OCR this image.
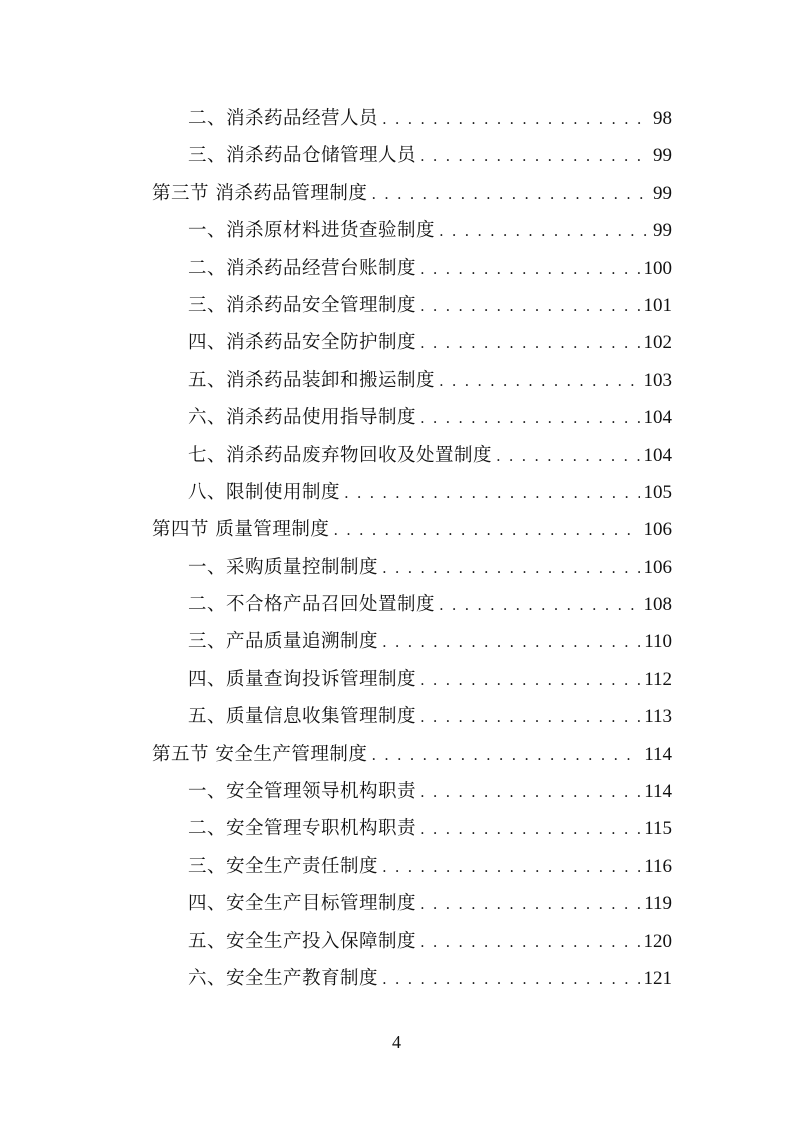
二、消杀药品经营人员 . . .	98
三、消杀药品仓储管理人员 . . .	99
第三节 消杀药品管理制度 . . .	99
一、消杀原材料进货查验制度 . . .	99
二、消杀药品经营台账制度 . . .	100
三、消杀药品安全管理制度 . . .	101
四、消杀药品安全防护制度 . . .	102
五、消杀药品装卸和搬运制度 . . .	103
六、消杀药品使用指导制度 . . .	104
七、消杀药品废弃物回收及处置制度 . . .	104
八、限制使用制度 . . .	105
第四节 质量管理制度 . . .	106
一、采购质量控制制度 . . .	106
二、不合格产品召回处置制度 . . .	108
三、产品质量追溯制度 . . .	110
四、质量查询投诉管理制度 . . .	112
五、质量信息收集管理制度 . . .	113
第五节 安全生产管理制度 . . .	114
一、安全管理领导机构职责 . . .	114
二、安全管理专职机构职责 . . .	115
三、安全生产责任制度 . . .	116
四、安全生产目标管理制度 . . .	119
五、安全生产投入保障制度 . . .	120
六、安全生产教育制度 . . .	121
4
